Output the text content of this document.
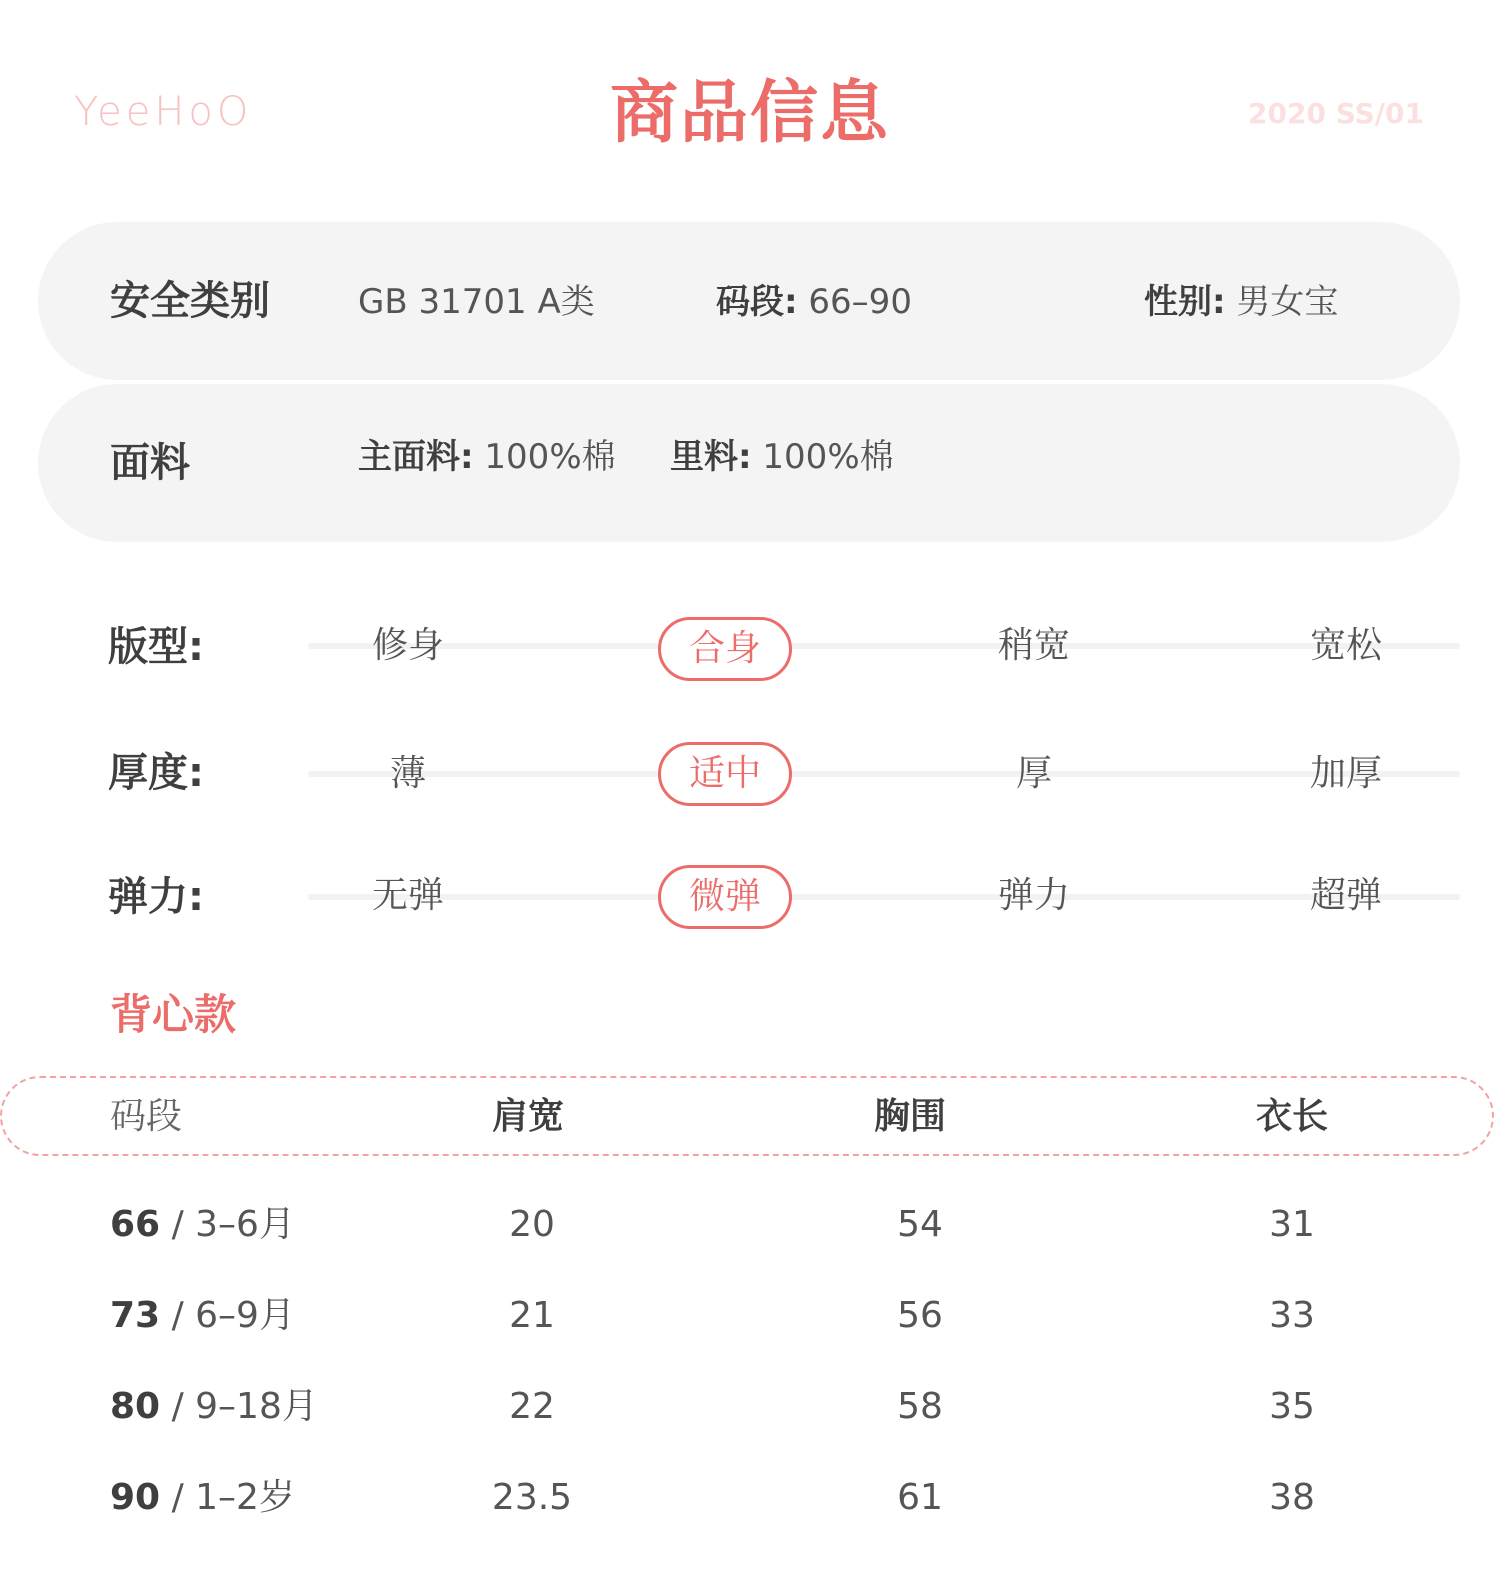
YeeHoO	商品信息	2020 SS/01
安全类别	GB 31701 A类	码段: 66–90	性别: 男女宝
面料	主面料: 100%棉 里料: 100%棉
版型:	修身	合身	稍宽	宽松
厚度:	薄	适中	厚	加厚
弹力:	无弹	微弹	弹力	超弹
背心款
码段	肩宽	胸围	衣长
66 / 3–6月	20	54	31
73 / 6–9月	21	56	33
80 / 9–18月	22	58	35
90 / 1–2岁	23.5	61	38
